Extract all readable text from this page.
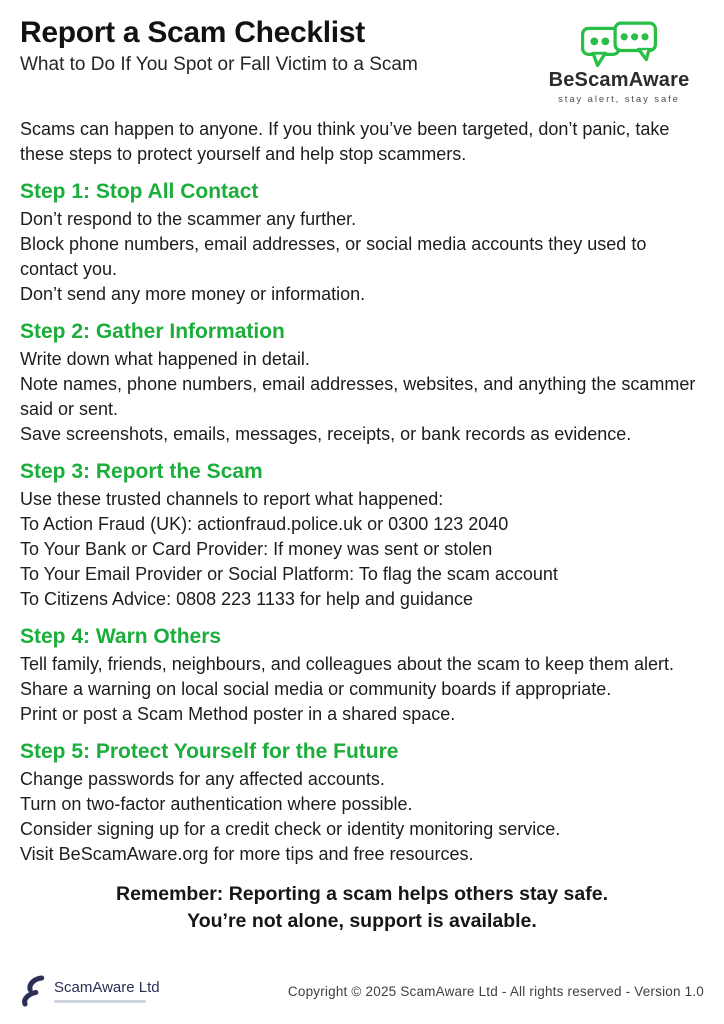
Report a Scam Checklist
What to Do If You Spot or Fall Victim to a Scam
BeScamAware
stay alert, stay safe

Scams can happen to anyone. If you think you’ve been targeted, don’t panic, take these steps to protect yourself and help stop scammers.

Step 1: Stop All Contact

Don’t respond to the scammer any further.

Block phone numbers, email addresses, or social media accounts they used to contact you.

Don’t send any more money or information.

Step 2: Gather Information

Write down what happened in detail.

Note names, phone numbers, email addresses, websites, and anything the scammer said or sent.

Save screenshots, emails, messages, receipts, or bank records as evidence.

Step 3: Report the Scam

Use these trusted channels to report what happened:

To Action Fraud (UK): actionfraud.police.uk or 0300 123 2040

To Your Bank or Card Provider: If money was sent or stolen

To Your Email Provider or Social Platform: To flag the scam account

To Citizens Advice: 0808 223 1133 for help and guidance

Step 4: Warn Others

Tell family, friends, neighbours, and colleagues about the scam to keep them alert.

Share a warning on local social media or community boards if appropriate.

Print or post a Scam Method poster in a shared space.

Step 5: Protect Yourself for the Future

Change passwords for any affected accounts.

Turn on two-factor authentication where possible.

Consider signing up for a credit check or identity monitoring service.

Visit BeScamAware.org for more tips and free resources.

Remember: Reporting a scam helps others stay safe.

You’re not alone, support is available.

ScamAware Ltd	Copyright © 2025 ScamAware Ltd - All rights reserved - Version 1.0
